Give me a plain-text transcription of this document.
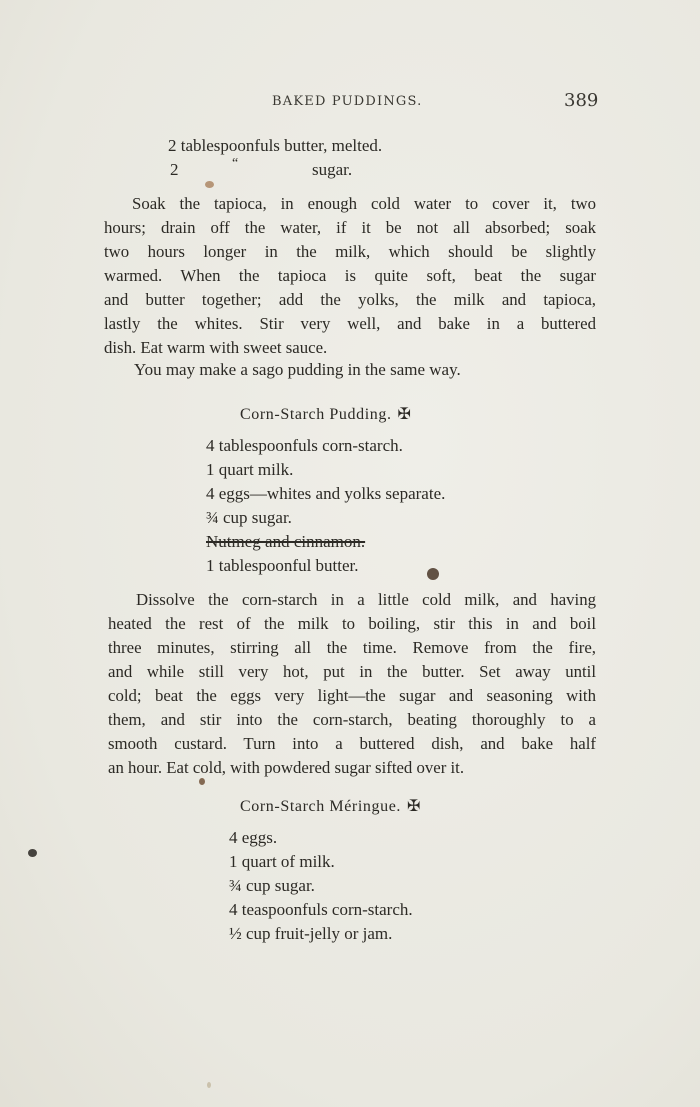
BAKED PUDDINGS.	389
2 tablespoonfuls butter, melted.
2	“	sugar.
Soak the tapioca, in enough cold water to cover it, two
hours; drain off the water, if it be not all absorbed; soak
two hours longer in the milk, which should be slightly
warmed. When the tapioca is quite soft, beat the sugar
and butter together; add the yolks, the milk and tapioca,
lastly the whites. Stir very well, and bake in a buttered
dish. Eat warm with sweet sauce.
You may make a sago pudding in the same way.
Corn-Starch Pudding. ✠
4 tablespoonfuls corn-starch.
1 quart milk.
4 eggs—whites and yolks separate.
¾ cup sugar.
Nutmeg and cinnamon.
1 tablespoonful butter.
Dissolve the corn-starch in a little cold milk, and having
heated the rest of the milk to boiling, stir this in and boil
three minutes, stirring all the time. Remove from the fire,
and while still very hot, put in the butter. Set away until
cold; beat the eggs very light—the sugar and seasoning with
them, and stir into the corn-starch, beating thoroughly to a
smooth custard. Turn into a buttered dish, and bake half
an hour. Eat cold, with powdered sugar sifted over it.
Corn-Starch Méringue. ✠
4 eggs.
1 quart of milk.
¾ cup sugar.
4 teaspoonfuls corn-starch.
½ cup fruit-jelly or jam.
